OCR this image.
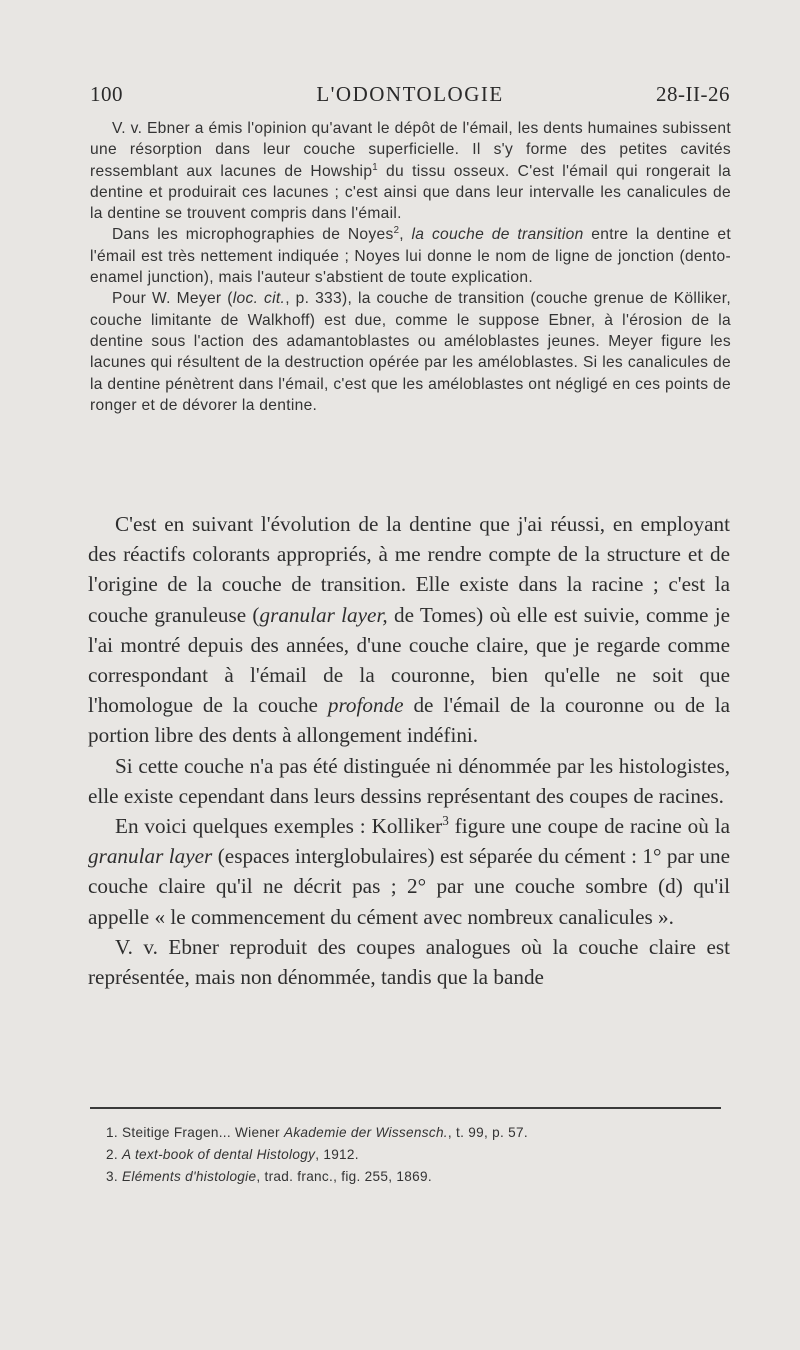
100	L'ODONTOLOGIE	28-II-26

V. v. Ebner a émis l'opinion qu'avant le dépôt de l'émail, les dents humaines subissent une résorption dans leur couche superficielle. Il s'y forme des petites cavités ressemblant aux lacunes de Howship$^1$ du tissu osseux. C'est l'émail qui rongerait la dentine et produirait ces lacunes ; c'est ainsi que dans leur intervalle les canalicules de la dentine se trouvent compris dans l'émail.

Dans les microphographies de Noyes$^2$, la couche de transition entre la dentine et l'émail est très nettement indiquée ; Noyes lui donne le nom de ligne de jonction (dento-enamel junction), mais l'auteur s'abstient de toute explication.

Pour W. Meyer (loc. cit., p. 333), la couche de transition (couche grenue de Kölliker, couche limitante de Walkhoff) est due, comme le suppose Ebner, à l'érosion de la dentine sous l'action des adamantoblastes ou améloblastes jeunes. Meyer figure les lacunes qui résultent de la destruction opérée par les améloblastes. Si les canalicules de la dentine pénètrent dans l'émail, c'est que les améloblastes ont négligé en ces points de ronger et de dévorer la dentine.

C'est en suivant l'évolution de la dentine que j'ai réussi, en employant des réactifs colorants appropriés, à me rendre compte de la structure et de l'origine de la couche de transition. Elle existe dans la racine ; c'est la couche granuleuse (granular layer, de Tomes) où elle est suivie, comme je l'ai montré depuis des années, d'une couche claire, que je regarde comme correspondant à l'émail de la couronne, bien qu'elle ne soit que l'homologue de la couche profonde de l'émail de la couronne ou de la portion libre des dents à allongement indéfini.

Si cette couche n'a pas été distinguée ni dénommée par les histologistes, elle existe cependant dans leurs dessins représentant des coupes de racines.

En voici quelques exemples : Kolliker$^3$ figure une coupe de racine où la granular layer (espaces interglobulaires) est séparée du cément : 1° par une couche claire qu'il ne décrit pas ; 2° par une couche sombre (d) qu'il appelle « le commencement du cément avec nombreux canalicules ».

V. v. Ebner reproduit des coupes analogues où la couche claire est représentée, mais non dénommée, tandis que la bande

1. Steitige Fragen... Wiener Akademie der Wissensch., t. 99, p. 57.

2. A text-book of dental Histology, 1912.

3. Eléments d'histologie, trad. franc., fig. 255, 1869.
